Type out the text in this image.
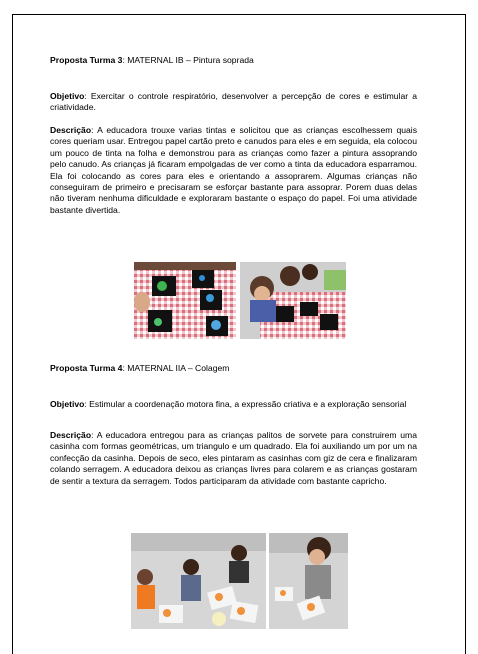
Proposta Turma 3: MATERNAL IB – Pintura soprada

Objetivo: Exercitar o controle respiratório, desenvolver a percepção de cores e estimular a criatividade.

Descrição: A educadora trouxe varias tintas e solicitou que as crianças escolhessem quais cores queriam usar. Entregou papel cartão preto e canudos para eles e em seguida, ela colocou um pouco de tinta na folha e demonstrou para as crianças como fazer a pintura assoprando pelo canudo. As crianças já ficaram empolgadas de ver como a tinta da educadora esparramou. Ela foi colocando as cores para eles e orientando a assoprarem. Algumas crianças não conseguiram de primeiro e precisaram se esforçar bastante para assoprar. Porem duas delas não tiveram nenhuma dificuldade e exploraram bastante o espaço do papel. Foi uma atividade bastante divertida.

Proposta Turma 4: MATERNAL IIA – Colagem

Objetivo: Estimular a coordenação motora fina, a expressão criativa e a exploração sensorial

Descrição: A educadora entregou para as crianças palitos de sorvete para construirem uma casinha com formas geométricas, um triangulo e um quadrado. Ela foi auxiliando um por um na confecção da casinha. Depois de seco, eles pintaram as casinhas com giz de cera e finalizaram colando serragem. A educadora deixou as crianças livres para colarem e as crianças gostaram de sentir a textura da serragem. Todos participaram da atividade com bastante capricho.
